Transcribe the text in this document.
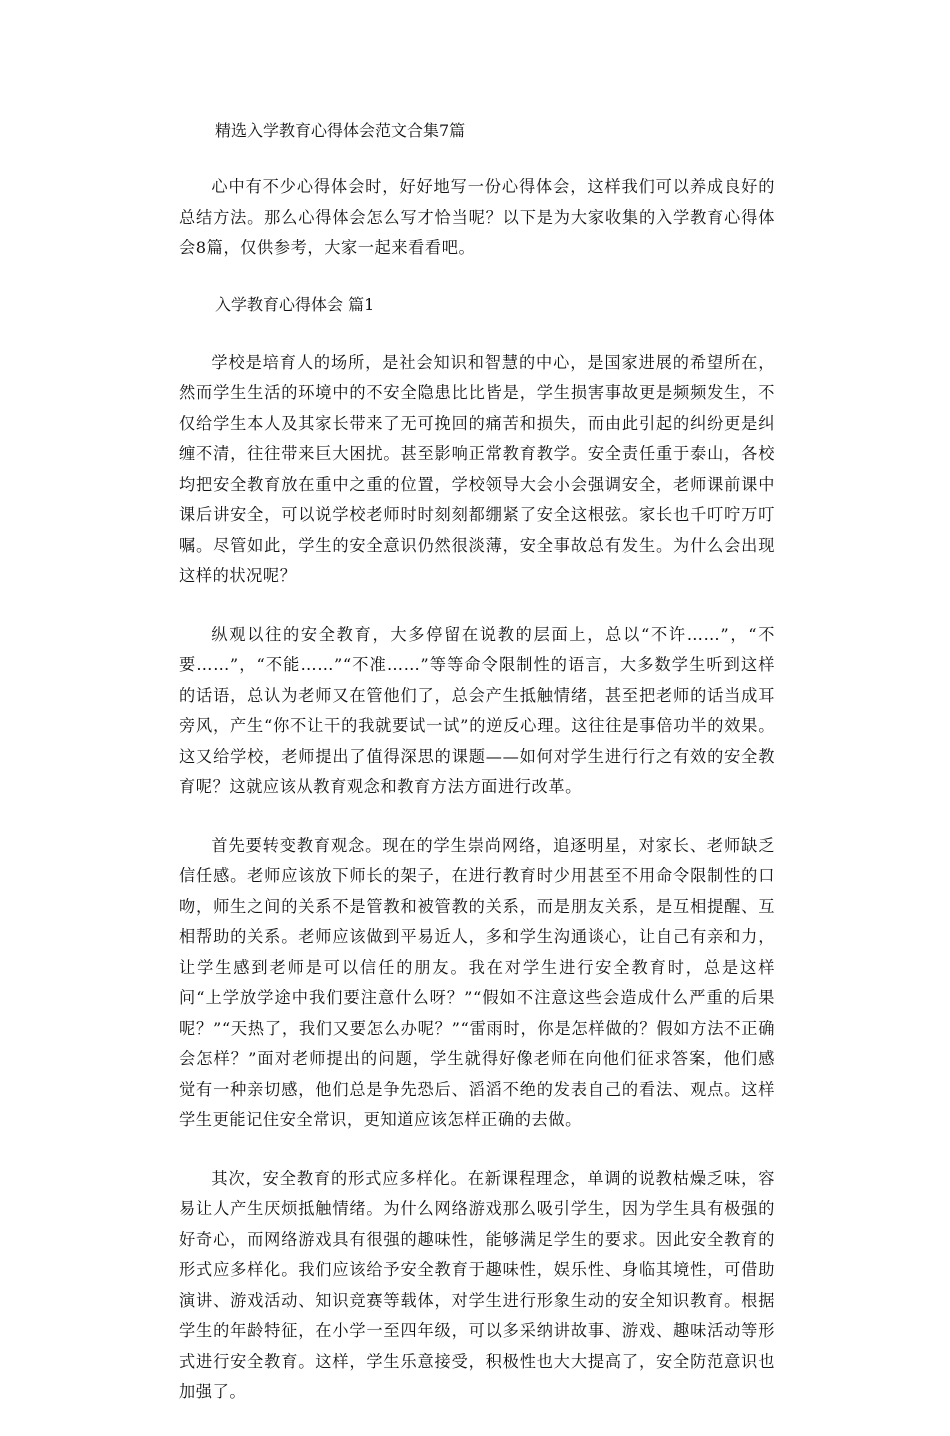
精选入学教育心得体会范文合集7篇

心中有不少心得体会时，好好地写一份心得体会，这样我们可以养成良好的总结方法。那么心得体会怎么写才恰当呢？以下是为大家收集的入学教育心得体会8篇，仅供参考，大家一起来看看吧。

入学教育心得体会 篇1

学校是培育人的场所，是社会知识和智慧的中心，是国家进展的希望所在，然而学生生活的环境中的不安全隐患比比皆是，学生损害事故更是频频发生，不仅给学生本人及其家长带来了无可挽回的痛苦和损失，而由此引起的纠纷更是纠缠不清，往往带来巨大困扰。甚至影响正常教育教学。安全责任重于泰山，各校均把安全教育放在重中之重的位置，学校领导大会小会强调安全，老师课前课中课后讲安全，可以说学校老师时时刻刻都绷紧了安全这根弦。家长也千叮咛万叮嘱。尽管如此，学生的安全意识仍然很淡薄，安全事故总有发生。为什么会出现这样的状况呢？

纵观以往的安全教育，大多停留在说教的层面上，总以“不许……”，“不要……”，“不能……”“不准……”等等命令限制性的语言，大多数学生听到这样的话语，总认为老师又在管他们了，总会产生抵触情绪，甚至把老师的话当成耳旁风，产生“你不让干的我就要试一试”的逆反心理。这往往是事倍功半的效果。这又给学校，老师提出了值得深思的课题——如何对学生进行行之有效的安全教育呢？这就应该从教育观念和教育方法方面进行改革。

首先要转变教育观念。现在的学生崇尚网络，追逐明星，对家长、老师缺乏信任感。老师应该放下师长的架子，在进行教育时少用甚至不用命令限制性的口吻，师生之间的关系不是管教和被管教的关系，而是朋友关系，是互相提醒、互相帮助的关系。老师应该做到平易近人，多和学生沟通谈心，让自己有亲和力，让学生感到老师是可以信任的朋友。我在对学生进行安全教育时，总是这样问“上学放学途中我们要注意什么呀？”“假如不注意这些会造成什么严重的后果呢？”“天热了，我们又要怎么办呢？”“雷雨时，你是怎样做的？假如方法不正确会怎样？”面对老师提出的问题，学生就得好像老师在向他们征求答案，他们感觉有一种亲切感，他们总是争先恐后、滔滔不绝的发表自己的看法、观点。这样学生更能记住安全常识，更知道应该怎样正确的去做。

其次，安全教育的形式应多样化。在新课程理念，单调的说教枯燥乏味，容易让人产生厌烦抵触情绪。为什么网络游戏那么吸引学生，因为学生具有极强的好奇心，而网络游戏具有很强的趣味性，能够满足学生的要求。因此安全教育的形式应多样化。我们应该给予安全教育于趣味性，娱乐性、身临其境性，可借助演讲、游戏活动、知识竞赛等载体，对学生进行形象生动的安全知识教育。根据学生的年龄特征，在小学一至四年级，可以多采纳讲故事、游戏、趣味活动等形式进行安全教育。这样，学生乐意接受，积极性也大大提高了，安全防范意识也加强了。
